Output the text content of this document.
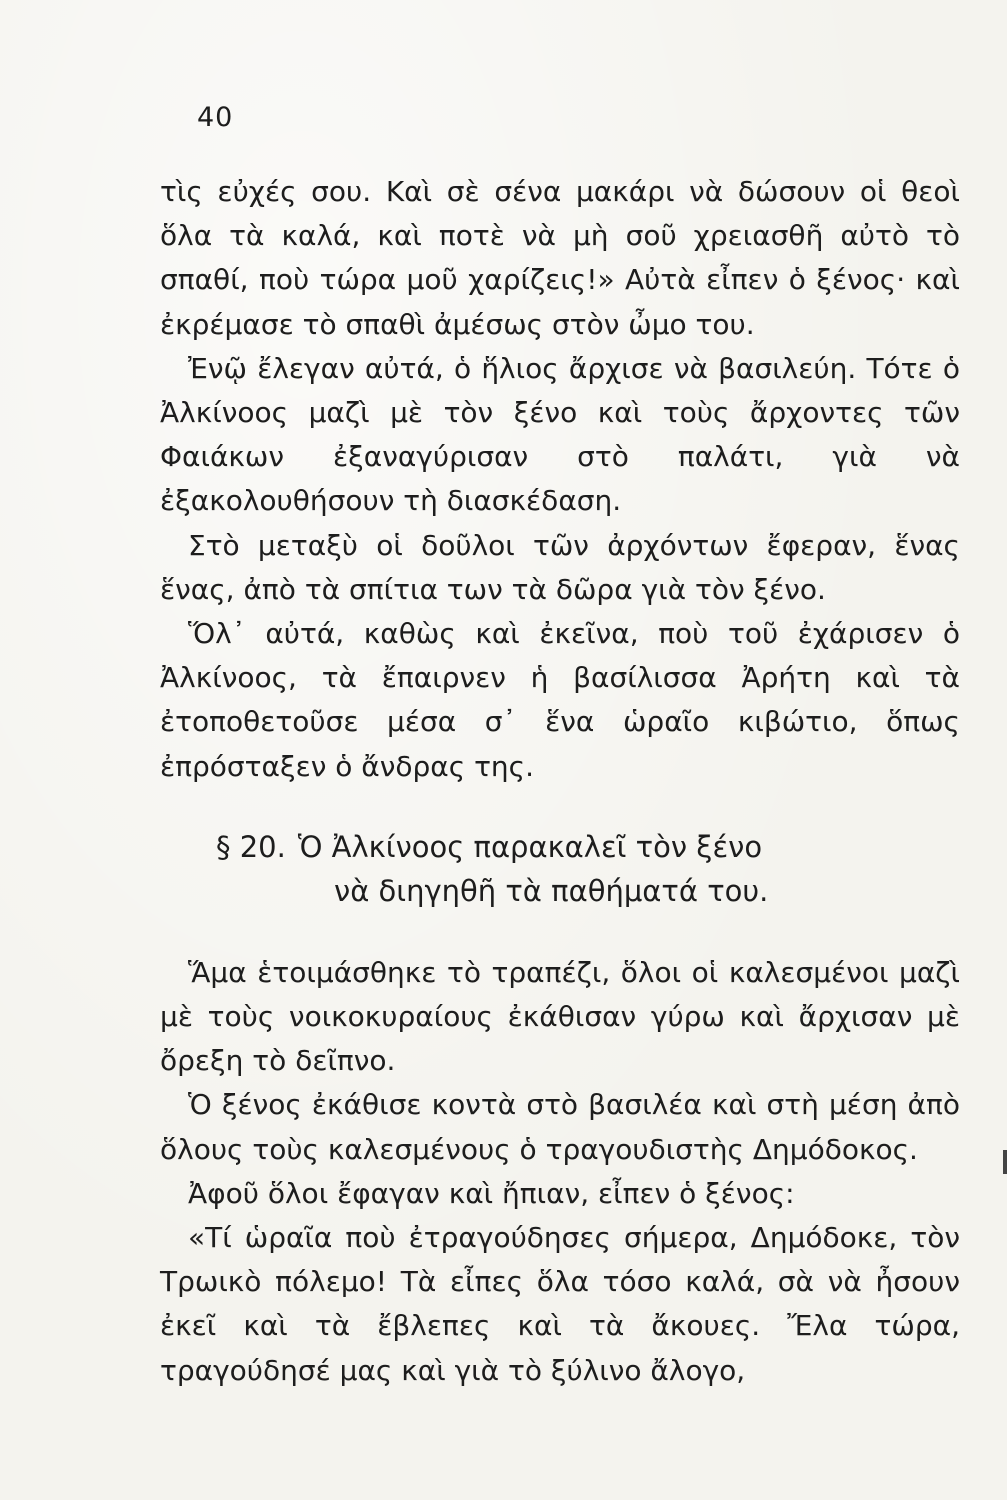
40

τὶς εὐχές σου. Καὶ σὲ σένα μακάρι νὰ δώσουν οἱ θεοὶ ὅλα τὰ καλά, καὶ ποτὲ νὰ μὴ σοῦ χρειασθῆ αὐτὸ τὸ σπαθί, ποὺ τώρα μοῦ χαρίζεις!» Αὐτὰ εἶπεν ὁ ξένος· καὶ ἐκρέμασε τὸ σπαθὶ ἀμέσως στὸν ὦμο του.

Ἐνῷ ἔλεγαν αὐτά, ὁ ἥλιος ἄρχισε νὰ βασιλεύη. Τότε ὁ Ἀλκίνοος μαζὶ μὲ τὸν ξένο καὶ τοὺς ἄρχοντες τῶν Φαιάκων ἐξαναγύρισαν στὸ παλάτι, γιὰ νὰ ἐξακολουθήσουν τὴ διασκέδαση.

Στὸ μεταξὺ οἱ δοῦλοι τῶν ἀρχόντων ἔφεραν, ἕνας ἕνας, ἀπὸ τὰ σπίτια των τὰ δῶρα γιὰ τὸν ξένο.

Ὅλ᾽ αὐτά, καθὼς καὶ ἐκεῖνα, ποὺ τοῦ ἐχάρισεν ὁ Ἀλκίνοος, τὰ ἔπαιρνεν ἡ βασίλισσα Ἀρήτη καὶ τὰ ἐτοποθετοῦσε μέσα σ᾽ ἕνα ὡραῖο κιβώτιο, ὅπως ἐπρόσταξεν ὁ ἄνδρας της.

§ 20. Ὁ Ἀλκίνοος παρακαλεῖ τὸν ξένο
νὰ διηγηθῆ τὰ παθήματά του.

Ἅμα ἑτοιμάσθηκε τὸ τραπέζι, ὅλοι οἱ καλεσμένοι μαζὶ μὲ τοὺς νοικοκυραίους ἐκάθισαν γύρω καὶ ἄρχισαν μὲ ὄρεξη τὸ δεῖπνο.

Ὁ ξένος ἐκάθισε κοντὰ στὸ βασιλέα καὶ στὴ μέση ἀπὸ ὅλους τοὺς καλεσμένους ὁ τραγουδιστὴς Δημόδοκος.

Ἀφοῦ ὅλοι ἔφαγαν καὶ ἤπιαν, εἶπεν ὁ ξένος:

«Τί ὡραῖα ποὺ ἐτραγούδησες σήμερα, Δημόδοκε, τὸν Τρωικὸ πόλεμο! Τὰ εἶπες ὅλα τόσο καλά, σὰ νὰ ἦσουν ἐκεῖ καὶ τὰ ἔβλεπες καὶ τὰ ἄκουες. Ἔλα τώρα, τραγούδησέ μας καὶ γιὰ τὸ ξύλινο ἄλογο,
